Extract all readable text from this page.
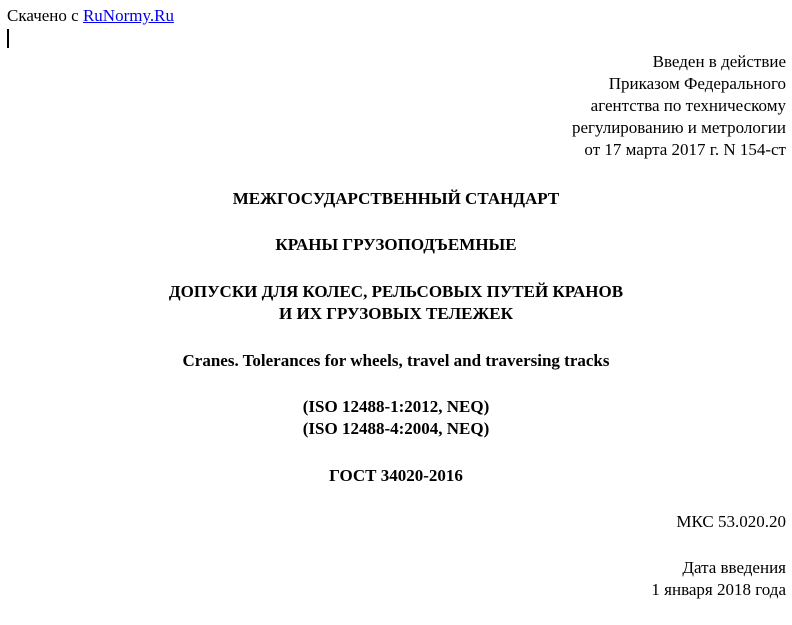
Скачено с RuNormy.Ru
Введен в действие
Приказом Федерального
агентства по техническому
регулированию и метрологии
от 17 марта 2017 г. N 154-ст
МЕЖГОСУДАРСТВЕННЫЙ СТАНДАРТ
КРАНЫ ГРУЗОПОДЪЕМНЫЕ
ДОПУСКИ ДЛЯ КОЛЕС, РЕЛЬСОВЫХ ПУТЕЙ КРАНОВ
И ИХ ГРУЗОВЫХ ТЕЛЕЖЕК
Cranes. Tolerances for wheels, travel and traversing tracks
(ISO 12488-1:2012, NEQ)
(ISO 12488-4:2004, NEQ)
ГОСТ 34020-2016
МКС 53.020.20
Дата введения
1 января 2018 года
